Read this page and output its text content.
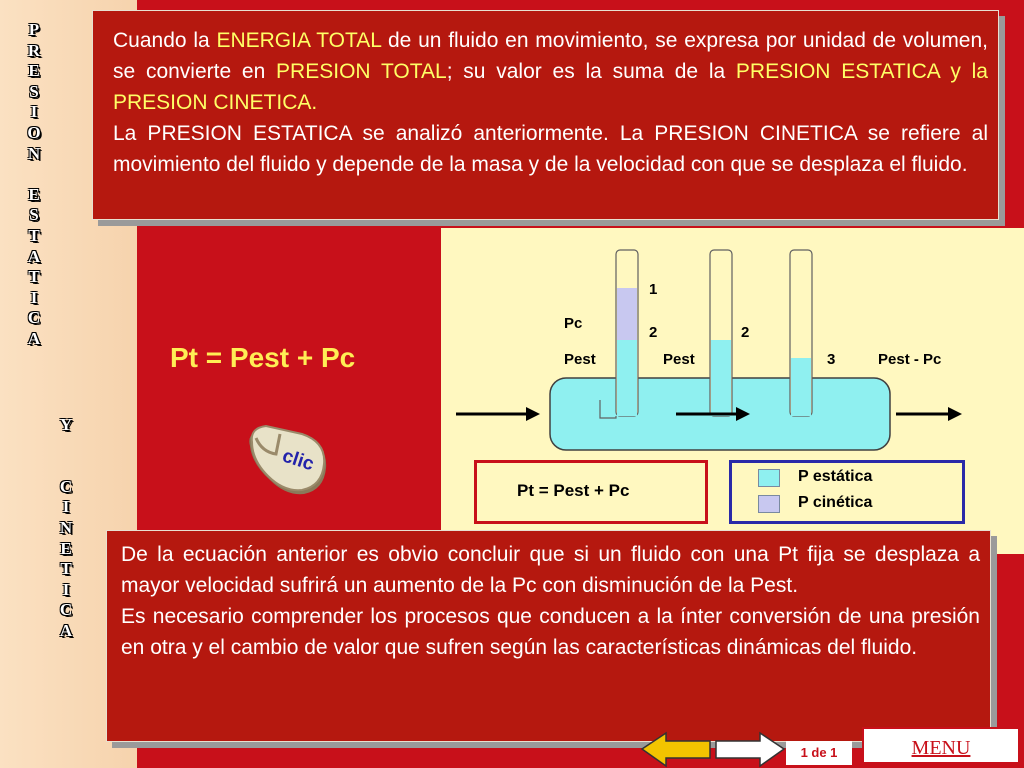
P
R
E
S
I
O
N
E
S
T
A
T
I
C
A
Y
C
I
N
E
T
I
C
A
Cuando la ENERGIA TOTAL de un fluido en movimiento, se expresa por unidad de volumen, se convierte en PRESION TOTAL; su valor es la suma de la PRESION ESTATICA y la PRESION CINETICA.
La PRESION ESTATICA se analizó anteriormente. La PRESION CINETICA se refiere al movimiento del fluido y depende de la masa y de la velocidad con que se desplaza el fluido.
Pt = Pest + Pc
clic
1
Pc
2	2
Pest	Pest	3	Pest - Pc
Pt = Pest + Pc
P estática
P cinética
De la ecuación anterior es obvio concluir que si un fluido con una Pt fija se desplaza a mayor velocidad sufrirá un aumento de la Pc con disminución de la Pest.
Es necesario comprender los procesos que conducen a la ínter conversión de una presión en otra y el cambio de valor que sufren según las características dinámicas del fluido.
1 de 1	MENU
